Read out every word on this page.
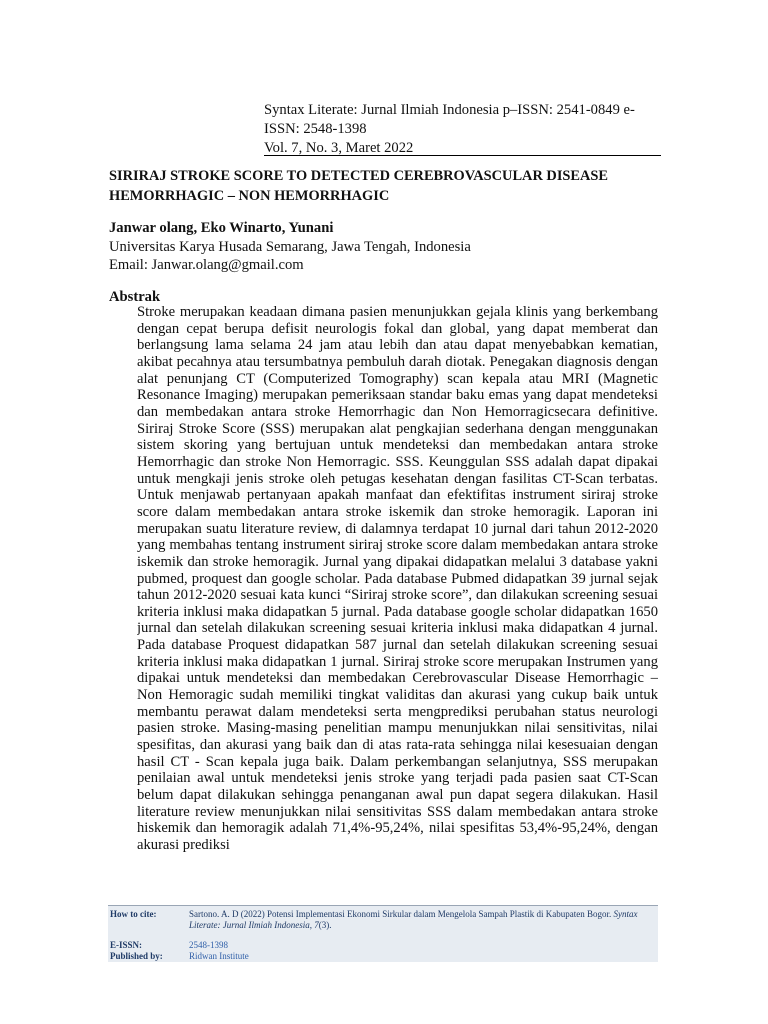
Syntax Literate: Jurnal Ilmiah Indonesia p–ISSN: 2541-0849 e-ISSN: 2548-1398
Vol. 7, No. 3, Maret 2022
SIRIRAJ STROKE SCORE TO DETECTED CEREBROVASCULAR DISEASE HEMORRHAGIC – NON HEMORRHAGIC
Janwar olang, Eko Winarto, Yunani
Universitas Karya Husada Semarang, Jawa Tengah, Indonesia
Email: Janwar.olang@gmail.com
Abstrak

Stroke merupakan keadaan dimana pasien menunjukkan gejala klinis yang berkembang dengan cepat berupa defisit neurologis fokal dan global, yang dapat memberat dan berlangsung lama selama 24 jam atau lebih dan atau dapat menyebabkan kematian, akibat pecahnya atau tersumbatnya pembuluh darah diotak. Penegakan diagnosis dengan alat penunjang CT (Computerized Tomography) scan kepala atau MRI (Magnetic Resonance Imaging) merupakan pemeriksaan standar baku emas yang dapat mendeteksi dan membedakan antara stroke Hemorrhagic dan Non Hemorragicsecara definitive. Siriraj Stroke Score (SSS) merupakan alat pengkajian sederhana dengan menggunakan sistem skoring yang bertujuan untuk mendeteksi dan membedakan antara stroke Hemorrhagic dan stroke Non Hemorragic. SSS. Keunggulan SSS adalah dapat dipakai untuk mengkaji jenis stroke oleh petugas kesehatan dengan fasilitas CT-Scan terbatas. Untuk menjawab pertanyaan apakah manfaat dan efektifitas instrument siriraj stroke score dalam membedakan antara stroke iskemik dan stroke hemoragik. Laporan ini merupakan suatu literature review, di dalamnya terdapat 10 jurnal dari tahun 2012-2020 yang membahas tentang instrument siriraj stroke score dalam membedakan antara stroke iskemik dan stroke hemoragik. Jurnal yang dipakai didapatkan melalui 3 database yakni pubmed, proquest dan google scholar. Pada database Pubmed didapatkan 39 jurnal sejak tahun 2012-2020 sesuai kata kunci “Siriraj stroke score”, dan dilakukan screening sesuai kriteria inklusi maka didapatkan 5 jurnal. Pada database google scholar didapatkan 1650 jurnal dan setelah dilakukan screening sesuai kriteria inklusi maka didapatkan 4 jurnal. Pada database Proquest didapatkan 587 jurnal dan setelah dilakukan screening sesuai kriteria inklusi maka didapatkan 1 jurnal. Siriraj stroke score merupakan Instrumen yang dipakai untuk mendeteksi dan membedakan Cerebrovascular Disease Hemorrhagic – Non Hemoragic sudah memiliki tingkat validitas dan akurasi yang cukup baik untuk membantu perawat dalam mendeteksi serta mengprediksi perubahan status neurologi pasien stroke. Masing-masing penelitian mampu menunjukkan nilai sensitivitas, nilai spesifitas, dan akurasi yang baik dan di atas rata-rata sehingga nilai kesesuaian dengan hasil CT - Scan kepala juga baik. Dalam perkembangan selanjutnya, SSS merupakan penilaian awal untuk mendeteksi jenis stroke yang terjadi pada pasien saat CT-Scan belum dapat dilakukan sehingga penanganan awal pun dapat segera dilakukan. Hasil literature review menunjukkan nilai sensitivitas SSS dalam membedakan antara stroke hiskemik dan hemoragik adalah 71,4%-95,24%, nilai spesifitas 53,4%-95,24%, dengan akurasi prediksi

How to cite:	Sartono. A. D (2022) Potensi Implementasi Ekonomi Sirkular dalam Mengelola Sampah Plastik di Kabupaten Bogor. Syntax Literate: Jurnal Ilmiah Indonesia, 7(3).
E-ISSN:	2548-1398
Published by:	Ridwan Institute
